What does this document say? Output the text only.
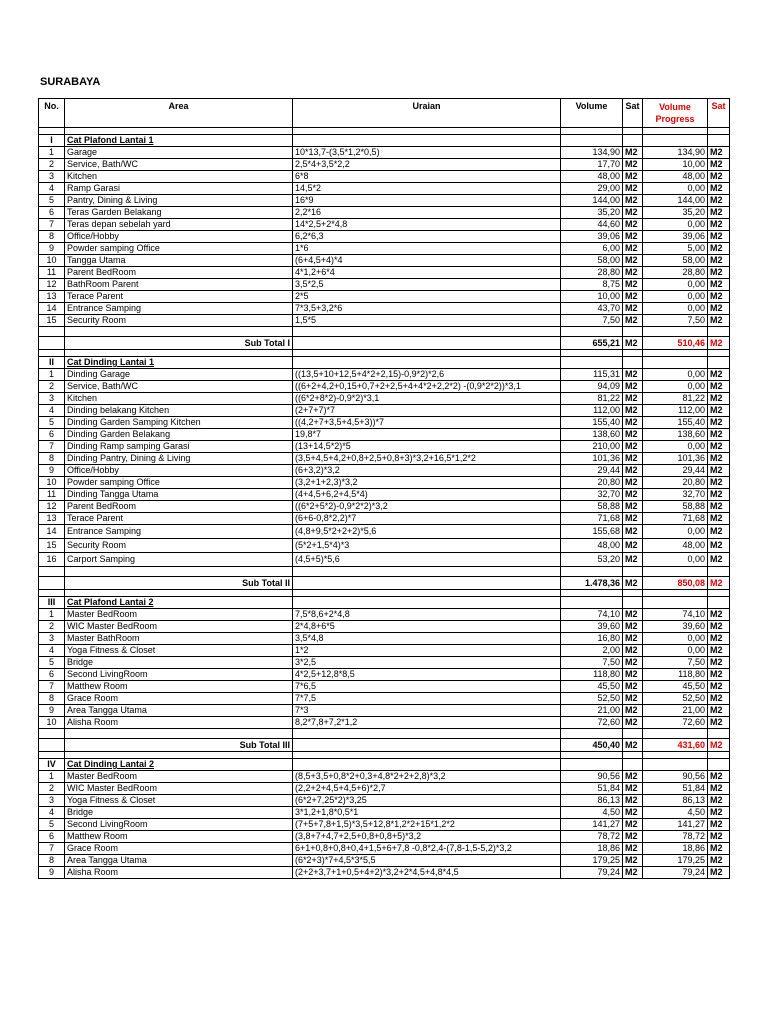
SURABAYA
No.	Area	Uraian	Volume	Sat	Volume Progress	Sat

I	Cat Plafond Lantai 1					
1	Garage	10*13,7-(3,5*1,2*0,5)	134,90	M2	134,90	M2
2	Service, Bath/WC	2,5*4+3,5*2,2	17,70	M2	10,00	M2
3	Kitchen	6*8	48,00	M2	48,00	M2
4	Ramp Garasi	14,5*2	29,00	M2	0,00	M2
5	Pantry, Dining & Living	16*9	144,00	M2	144,00	M2
6	Teras Garden Belakang	2,2*16	35,20	M2	35,20	M2
7	Teras depan sebelah yard	14*2,5+2*4,8	44,60	M2	0,00	M2
8	Office/Hobby	6,2*6,3	39,06	M2	39,06	M2
9	Powder samping Office	1*6	6,00	M2	5,00	M2
10	Tangga Utama	(6+4,5+4)*4	58,00	M2	58,00	M2
11	Parent BedRoom	4*1,2+6*4	28,80	M2	28,80	M2
12	BathRoom Parent	3,5*2,5	8,75	M2	0,00	M2
13	Terace Parent	2*5	10,00	M2	0,00	M2
14	Entrance Samping	7*3,5+3,2*6	43,70	M2	0,00	M2
15	Security Room	1,5*5	7,50	M2	7,50	M2

	Sub Total I		655,21	M2	510,46	M2

II	Cat Dinding Lantai 1					
1	Dinding Garage	((13,5+10+12,5+4*2+2,15)-0,9*2)*2,6	115,31	M2	0,00	M2
2	Service, Bath/WC	((6+2+4,2+0,15+0,7+2+2,5+4+4*2+2,2*2) -(0,9*2*2))*3,1	94,09	M2	0,00	M2
3	Kitchen	((6*2+8*2)-0,9*2)*3,1	81,22	M2	81,22	M2
4	Dinding belakang Kitchen	(2+7+7)*7	112,00	M2	112,00	M2
5	Dinding Garden Samping Kitchen	((4,2+7+3,5+4,5+3))*7	155,40	M2	155,40	M2
6	Dinding Garden Belakang	19,8*7	138,60	M2	138,60	M2
7	Dinding Ramp samping Garasi	(13+14,5*2)*5	210,00	M2	0,00	M2
8	Dinding Pantry, Dining & Living	(3,5+4,5+4,2+0,8+2,5+0,8+3)*3,2+16,5*1,2*2	101,36	M2	101,36	M2
9	Office/Hobby	(6+3,2)*3,2	29,44	M2	29,44	M2
10	Powder samping Office	(3,2+1+2,3)*3,2	20,80	M2	20,80	M2
11	Dinding Tangga Utama	(4+4,5+6,2+4,5*4)	32,70	M2	32,70	M2
12	Parent BedRoom	((6*2+5*2)-0,9*2*2)*3,2	58,88	M2	58,88	M2
13	Terace Parent	(6+6-0,8*2,2)*7	71,68	M2	71,68	M2
14	Entrance Samping	(4,8+9,5*2+2+2)*5,6	155,68	M2	0,00	M2
15	Security Room	(5*2+1,5*4)*3	48,00	M2	48,00	M2
16	Carport Samping	(4,5+5)*5,6	53,20	M2	0,00	M2

	Sub Total II		1.478,36	M2	850,08	M2

III	Cat Plafond Lantai 2					
1	Master BedRoom	7,5*8,6+2*4,8	74,10	M2	74,10	M2
2	WIC Master BedRoom	2*4,8+6*5	39,60	M2	39,60	M2
3	Master BathRoom	3,5*4,8	16,80	M2	0,00	M2
4	Yoga Fitness & Closet	1*2	2,00	M2	0,00	M2
5	Bridge	3*2,5	7,50	M2	7,50	M2
6	Second LivingRoom	4*2,5+12,8*8,5	118,80	M2	118,80	M2
7	Matthew Room	7*6,5	45,50	M2	45,50	M2
8	Grace Room	7*7,5	52,50	M2	52,50	M2
9	Area Tangga Utama	7*3	21,00	M2	21,00	M2
10	Alisha Room	8,2*7,8+7,2*1,2	72,60	M2	72,60	M2

	Sub Total III		450,40	M2	431,60	M2

IV	Cat Dinding Lantai 2					
1	Master BedRoom	(8,5+3,5+0,8*2+0,3+4,8*2+2+2,8)*3,2	90,56	M2	90,56	M2
2	WIC Master BedRoom	(2,2+2+4,5+4,5+6)*2,7	51,84	M2	51,84	M2
3	Yoga Fitness & Closet	(6*2+7,25*2)*3,25	86,13	M2	86,13	M2
4	Bridge	3*1,2+1,8*0,5*1	4,50	M2	4,50	M2
5	Second LivingRoom	(7+5+7,8+1,5)*3,5+12,8*1,2*2+15*1,2*2	141,27	M2	141,27	M2
6	Matthew Room	(3,8+7+4,7+2,5+0,8+0,8+5)*3,2	78,72	M2	78,72	M2
7	Grace Room	6+1+0,8+0,8+0,4+1,5+6+7,8 -0,8*2,4-(7,8-1,5-5,2)*3,2	18,86	M2	18,86	M2
8	Area Tangga Utama	(6*2+3)*7+4,5*3*5,5	179,25	M2	179,25	M2
9	Alisha Room	(2+2+3,7+1+0,5+4+2)*3,2+2*4,5+4,8*4,5	79,24	M2	79,24	M2
